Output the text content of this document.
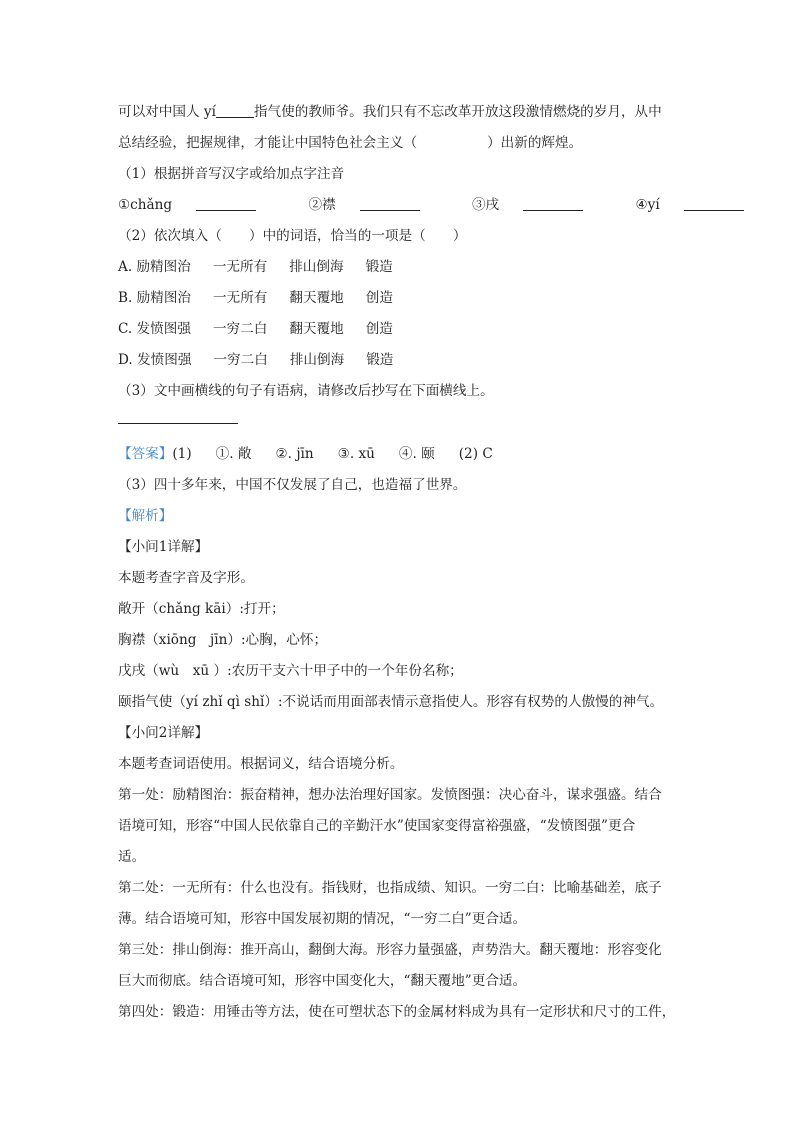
可以对中国人 yí	指气使的教师爷。我们只有不忘改革开放这段激情燃烧的岁月，从中
总结经验，把握规律，才能让中国特色社会主义（	）出新的辉煌。
（1）根据拼音写汉字或给加点字注音
①chǎng	②襟	③戌	④yí
（2）依次填入（　　）中的词语，恰当的一项是（　　）
A. 励精图治 一无所有 排山倒海 锻造
B. 励精图治 一无所有 翻天覆地 创造
C. 发愤图强 一穷二白 翻天覆地 创造
D. 发愤图强 一穷二白 排山倒海 锻造
（3）文中画横线的句子有语病，请修改后抄写在下面横线上。
【答案】(1) ①. 敞 ②. jīn ③. xū ④. 颐 (2) C
（3）四十多年来，中国不仅发展了自己，也造福了世界。
【解析】
【小问1详解】
本题考查字音及字形。
敞开（chǎng kāi）:打开；
胸襟（xiōng　jīn）:心胸，心怀；
戊戌（wù　xū ）:农历干支六十甲子中的一个年份名称；
颐指气使（yí zhǐ qì shǐ）:不说话而用面部表情示意指使人。形容有权势的人傲慢的神气。
【小问2详解】
本题考查词语使用。根据词义，结合语境分析。
第一处：励精图治：振奋精神，想办法治理好国家。发愤图强：决心奋斗，谋求强盛。结合
语境可知，形容“中国人民依靠自己的辛勤汗水”使国家变得富裕强盛，“发愤图强”更合
适。
第二处：一无所有：什么也没有。指钱财，也指成绩、知识。一穷二白：比喻基础差，底子
薄。结合语境可知，形容中国发展初期的情况，“一穷二白”更合适。
第三处：排山倒海：推开高山，翻倒大海。形容力量强盛，声势浩大。翻天覆地：形容变化
巨大而彻底。结合语境可知，形容中国变化大，“翻天覆地”更合适。
第四处：锻造：用锤击等方法，使在可塑状态下的金属材料成为具有一定形状和尺寸的工件，
